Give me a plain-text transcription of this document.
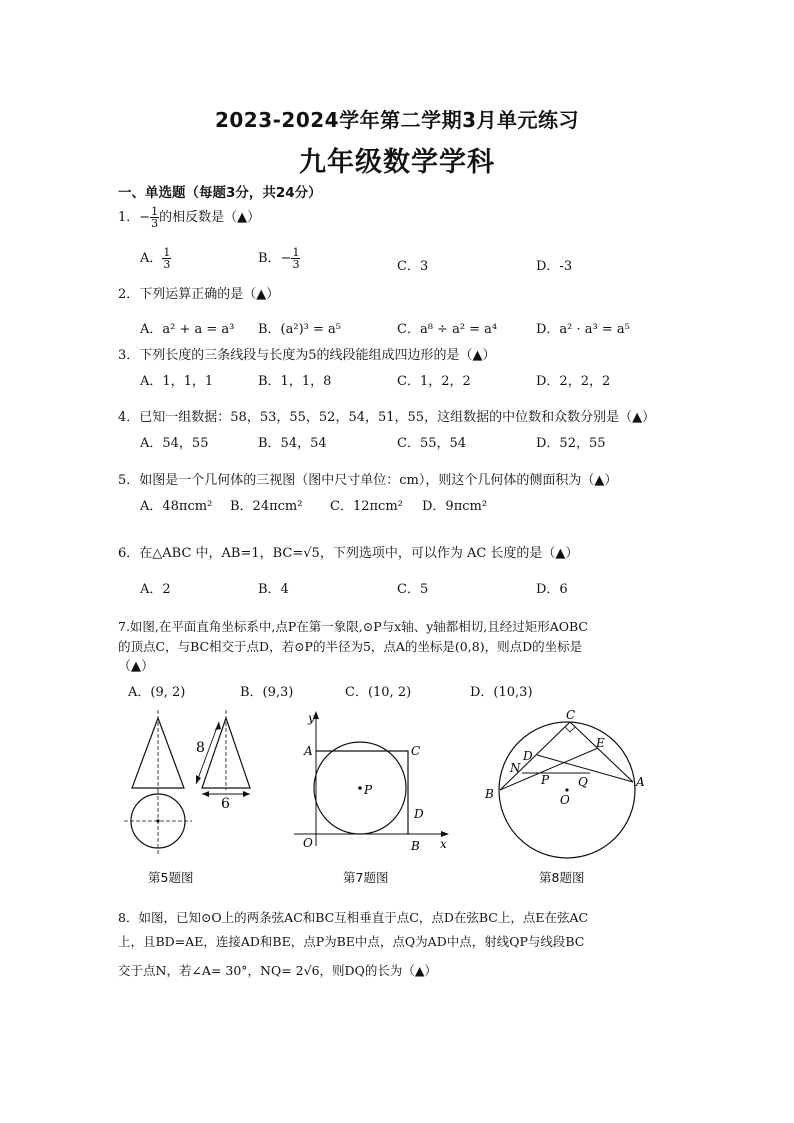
2023-2024学年第二学期3月单元练习
九年级数学学科
一、单选题（每题3分，共24分）
1．− $\frac{1}{3}$ 的相反数是（▲）
A． $\frac{1}{3}$	B．− $\frac{1}{3}$	C．3	D．-3
2．下列运算正确的是（▲）
A．a² + a = a³ B．(a²)³ = a⁵	C．a⁸ ÷ a² = a⁴	D．a² · a³ = a⁵
3．下列长度的三条线段与长度为5的线段能组成四边形的是（▲）
A．1，1，1	B．1，1，8	C．1，2，2	D．2，2，2
4．已知一组数据：58，53，55，52，54，51，55，这组数据的中位数和众数分别是（▲）
A．54，55	B．54，54	C．55，54	D．52，55
5．如图是一个几何体的三视图（图中尺寸单位：cm），则这个几何体的侧面积为（▲）
A．48πcm² B．24πcm² C．12πcm² D．9πcm²
6．在△ABC 中，AB=1，BC=√5，下列选项中，可以作为 AC 长度的是（▲）
A．2	B．4	C．5	D．6
7.如图,在平面直角坐标系中,点P在第一象限,⊙P与x轴、y轴都相切,且经过矩形AOBC
的顶点C，与BC相交于点D，若⊙P的半径为5，点A的坐标是(0,8)，则点D的坐标是
（▲）
A．(9, 2)	B．(9,3)	C．(10, 2)	D．(10,3)
8
6
第5题图
y
x
A	C
P
D
O	B
第7题图
C
E
D
N
P Q
B
A
O
第8题图
8．如图，已知⊙O上的两条弦AC和BC互相垂直于点C，点D在弦BC上，点E在弦AC
上，且BD=AE，连接AD和BE，点P为BE中点，点Q为AD中点，射线QP与线段BC
交于点N，若∠A= 30°，NQ= 2√6，则DQ的长为（▲）
